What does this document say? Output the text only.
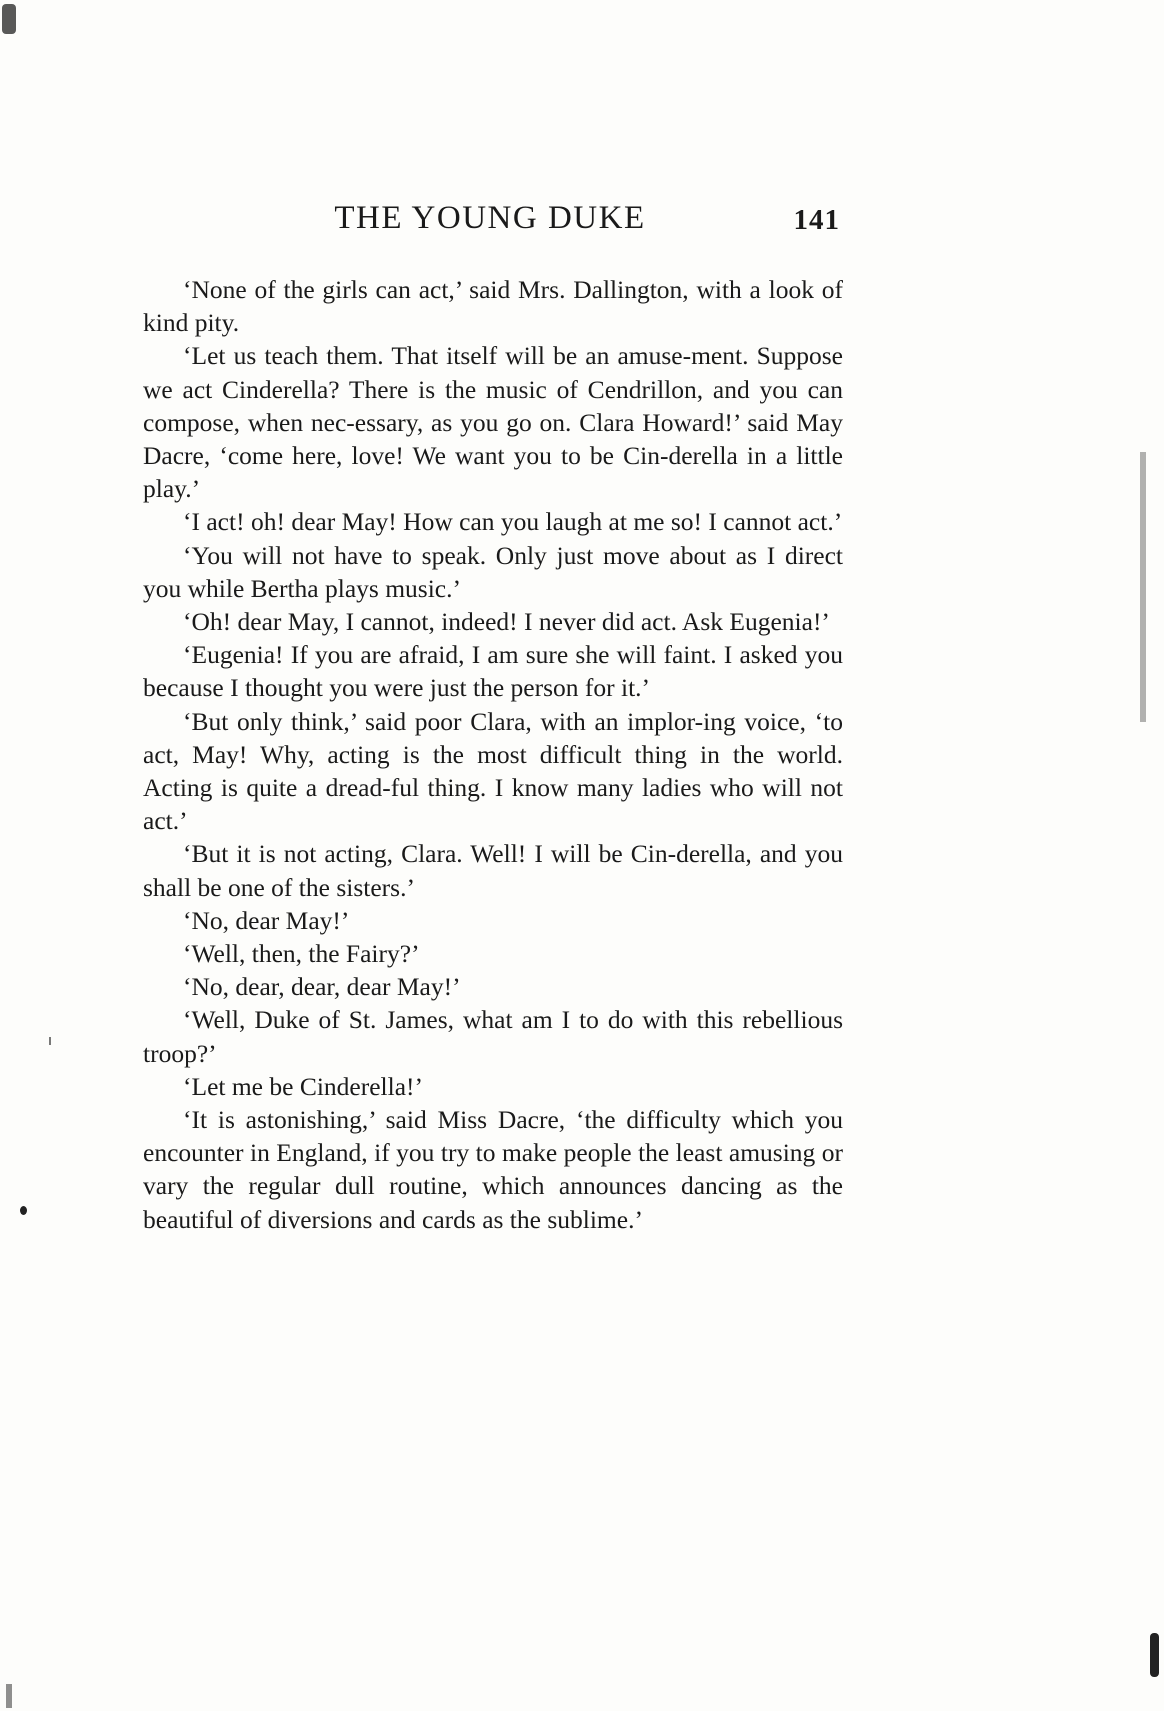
THE YOUNG DUKE	141

‘None of the girls can act,’ said Mrs. Dallington, with a look of kind pity.

‘Let us teach them. That itself will be an amuse-ment. Suppose we act Cinderella? There is the music of Cendrillon, and you can compose, when nec-essary, as you go on. Clara Howard!’ said May Dacre, ‘come here, love! We want you to be Cin-derella in a little play.’

‘I act! oh! dear May! How can you laugh at me so! I cannot act.’

‘You will not have to speak. Only just move about as I direct you while Bertha plays music.’

‘Oh! dear May, I cannot, indeed! I never did act. Ask Eugenia!’

‘Eugenia! If you are afraid, I am sure she will faint. I asked you because I thought you were just the person for it.’

‘But only think,’ said poor Clara, with an implor-ing voice, ‘to act, May! Why, acting is the most difficult thing in the world. Acting is quite a dread-ful thing. I know many ladies who will not act.’

‘But it is not acting, Clara. Well! I will be Cin-derella, and you shall be one of the sisters.’

‘No, dear May!’

‘Well, then, the Fairy?’

‘No, dear, dear, dear May!’

‘Well, Duke of St. James, what am I to do with this rebellious troop?’

‘Let me be Cinderella!’

‘It is astonishing,’ said Miss Dacre, ‘the difficulty which you encounter in England, if you try to make people the least amusing or vary the regular dull routine, which announces dancing as the beautiful of diversions and cards as the sublime.’
